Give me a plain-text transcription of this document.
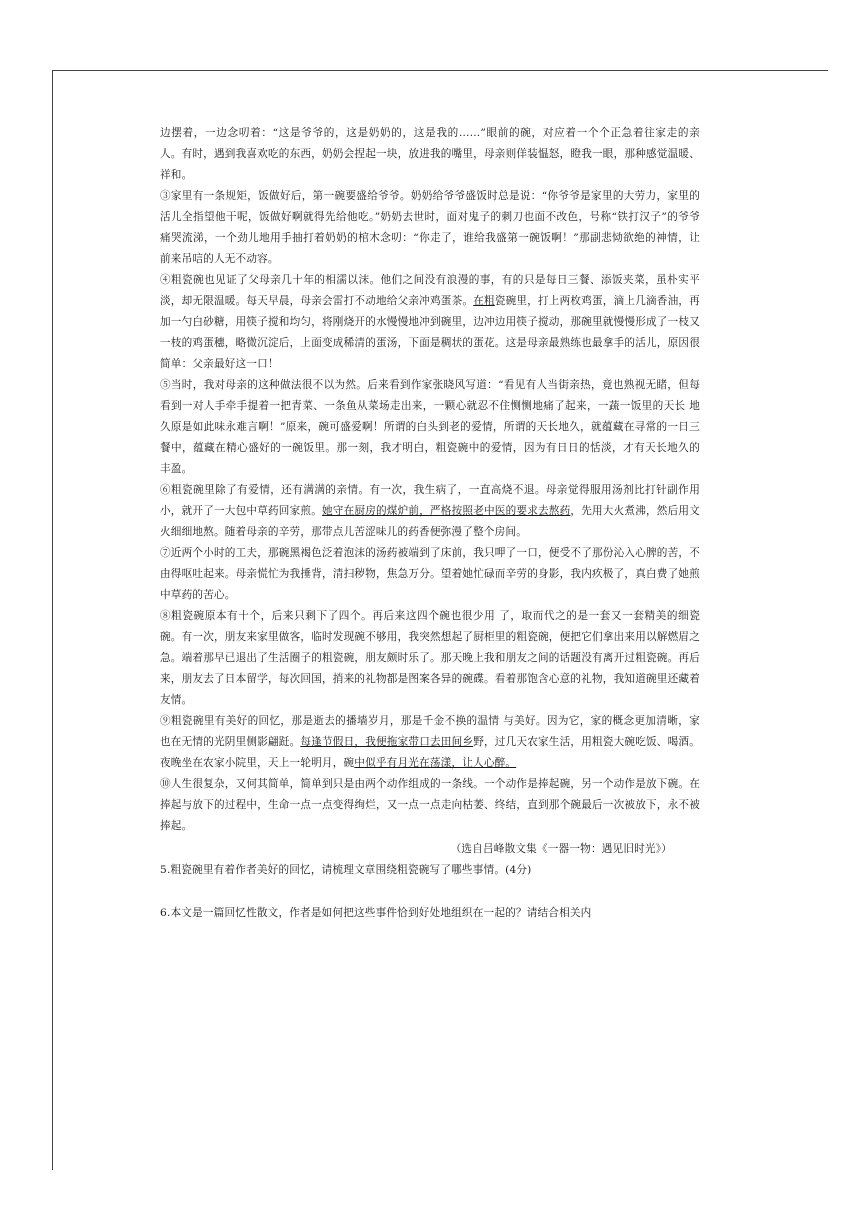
边摆着，一边念叨着：“这是爷爷的，这是奶奶的，这是我的……”眼前的碗，对应着一个个正急着往家走的亲人。有时，遇到我喜欢吃的东西，奶奶会捏起一块，放进我的嘴里，母亲则佯装愠怒，瞪我一眼，那种感觉温暖、祥和。

③家里有一条规矩，饭做好后，第一碗要盛给爷爷。奶奶给爷爷盛饭时总是说：“你爷爷是家里的大劳力，家里的活儿全指望他干呢，饭做好啊就得先给他吃。”奶奶去世时，面对鬼子的刺刀也面不改色，号称“铁打汉子”的爷爷痛哭流涕，一个劲儿地用手抽打着奶奶的棺木念叨：“你走了，谁给我盛第一碗饭啊！”那副悲恸欲绝的神情，让前来吊唁的人无不动容。

④粗瓷碗也见证了父母亲几十年的相濡以沫。他们之间没有浪漫的事，有的只是每日三餐、添饭夹菜，虽朴实平淡，却无限温暖。每天早晨，母亲会雷打不动地给父亲冲鸡蛋茶。在粗瓷碗里，打上两枚鸡蛋，滴上几滴香油，再加一勺白砂糖，用筷子搅和均匀，将刚烧开的水慢慢地冲到碗里，边冲边用筷子搅动，那碗里就慢慢形成了一枝又一枝的鸡蛋穗，略微沉淀后，上面变成稀清的蛋汤，下面是稠状的蛋花。这是母亲最熟练也最拿手的活儿，原因很简单：父亲最好这一口！

⑤当时，我对母亲的这种做法很不以为然。后来看到作家张晓风写道：“看见有人当街亲热，竟也熟视无睹，但每看到一对人手牵手提着一把青菜、一条鱼从菜场走出来，一颗心就忍不住恻恻地痛了起来，一蔬一饭里的天长 地久原是如此味永难言啊！”原来，碗可盛爱啊！所谓的白头到老的爱情，所谓的天长地久，就蕴藏在寻常的一日三餐中，蕴藏在精心盛好的一碗饭里。那一刻，我才明白，粗瓷碗中的爱情，因为有日日的恬淡，才有天长地久的 丰盈。

⑥粗瓷碗里除了有爱情，还有满满的亲情。有一次，我生病了，一直高烧不退。母亲觉得服用汤剂比打针副作用小，就开了一大包中草药回家煎。她守在厨房的煤炉前，严格按照老中医的要求去熬药，先用大火煮沸，然后用文火细细地熬。随着母亲的辛劳，那带点儿苦涩味儿的药香便弥漫了整个房间。

⑦近两个小时的工夫，那碗黑褐色泛着泡沫的汤药被端到了床前，我只呷了一口，便受不了那份沁入心脾的苦，不由得呕吐起来。母亲慌忙为我捶背，清扫秽物，焦急万分。望着她忙碌而辛劳的身影，我内疚极了，真白费了她煎中草药的苦心。

⑧粗瓷碗原本有十个，后来只剩下了四个。再后来这四个碗也很少用 了，取而代之的是一套又一套精美的细瓷碗。有一次，朋友来家里做客，临时发现碗不够用，我突然想起了厨柜里的粗瓷碗，便把它们拿出来用以解燃眉之急。端着那早已退出了生活圈子的粗瓷碗，朋友颇时乐了。那天晚上我和朋友之间的话题没有离开过粗瓷碗。再后来，朋友去了日本留学，每次回国，捎来的礼物都是图案各异的碗碟。看着那饱含心意的礼物，我知道碗里还藏着友情。

⑨粗瓷碗里有美好的回忆，那是逝去的播墙岁月，那是千金不换的温情 与美好。因为它，家的概念更加清晰，家也在无情的光阴里侧影翩跹。每逢节假日，我便拖家带口去田间乡野，过几天农家生活，用粗瓷大碗吃饭、喝酒。夜晚坐在农家小院里，天上一轮明月，碗中似乎有月光在荡漾，让人心醉。

⑩人生很复杂，又何其简单，简单到只是由两个动作组成的一条线。一个动作是捧起碗，另一个动作是放下碗。在捧起与放下的过程中，生命一点一点变得绚烂，又一点一点走向枯萎、终结，直到那个碗最后一次被放下，永不被捧起。

（选自吕峰散文集《一器一物：遇见旧时光》）

5.粗瓷碗里有着作者美好的回忆，请梳理文章围绕粗瓷碗写了哪些事情。(4分)

6.本文是一篇回忆性散文，作者是如何把这些事件恰到好处地组织在一起的？请结合相关内
